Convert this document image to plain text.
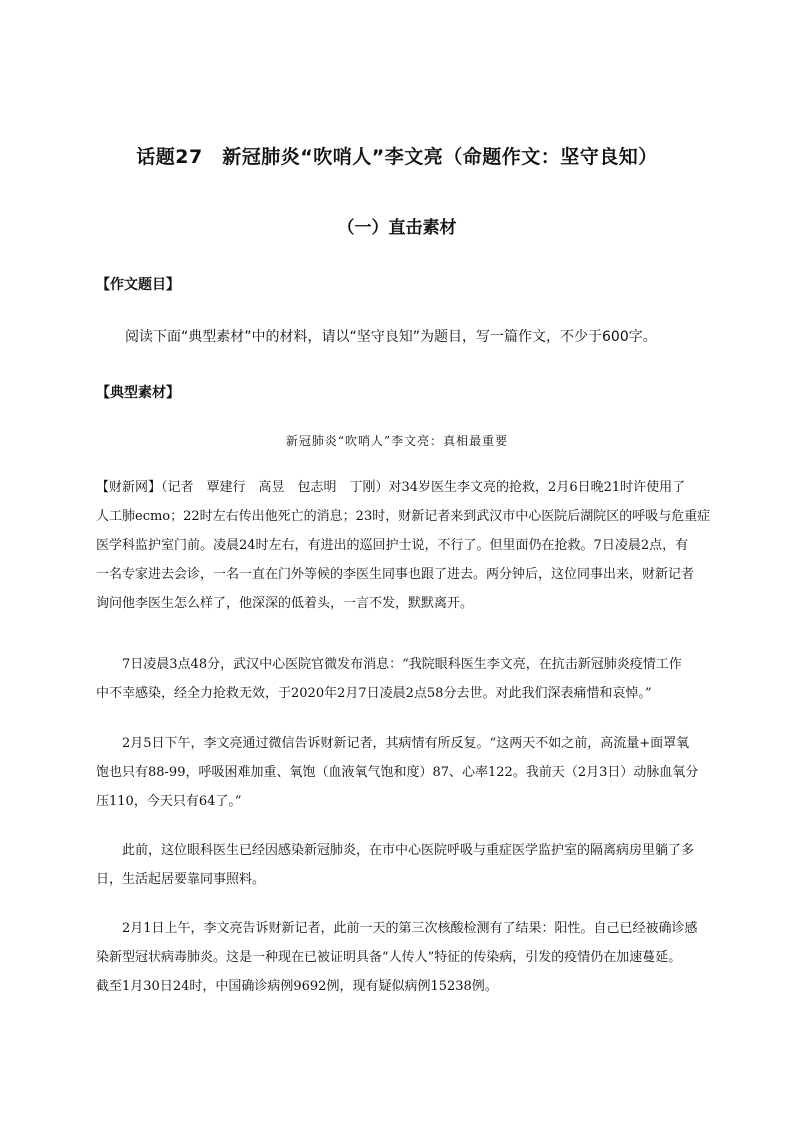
话题27　新冠肺炎“吹哨人”李文亮（命题作文：坚守良知）
（一）直击素材
【作文题目】
阅读下面“典型素材”中的材料，请以“坚守良知”为题目，写一篇作文，不少于600字。
【典型素材】
新冠肺炎“吹哨人”李文亮：真相最重要
【财新网】（记者　覃建行　高昱　包志明　丁刚）对34岁医生李文亮的抢救，2月6日晚21时许使用了
人工肺ecmo；22时左右传出他死亡的消息；23时，财新记者来到武汉市中心医院后湖院区的呼吸与危重症
医学科监护室门前。凌晨24时左右，有进出的巡回护士说，不行了。但里面仍在抢救。7日凌晨2点，有
一名专家进去会诊，一名一直在门外等候的李医生同事也跟了进去。两分钟后，这位同事出来，财新记者
询问他李医生怎么样了，他深深的低着头，一言不发，默默离开。
　　7日凌晨3点48分，武汉中心医院官微发布消息：“我院眼科医生李文亮，在抗击新冠肺炎疫情工作
中不幸感染，经全力抢救无效，于2020年2月7日凌晨2点58分去世。对此我们深表痛惜和哀悼。”
　　2月5日下午，李文亮通过微信告诉财新记者，其病情有所反复。“这两天不如之前，高流量+面罩氧
饱也只有88-99，呼吸困难加重、氧饱（血液氧气饱和度）87、心率122。我前天（2月3日）动脉血氧分
压110，今天只有64了。”
　　此前，这位眼科医生已经因感染新冠肺炎，在市中心医院呼吸与重症医学监护室的隔离病房里躺了多
日，生活起居要靠同事照料。
　　2月1日上午，李文亮告诉财新记者，此前一天的第三次核酸检测有了结果：阳性。自己已经被确诊感
染新型冠状病毒肺炎。这是一种现在已被证明具备“人传人”特征的传染病，引发的疫情仍在加速蔓延。
截至1月30日24时，中国确诊病例9692例，现有疑似病例15238例。
